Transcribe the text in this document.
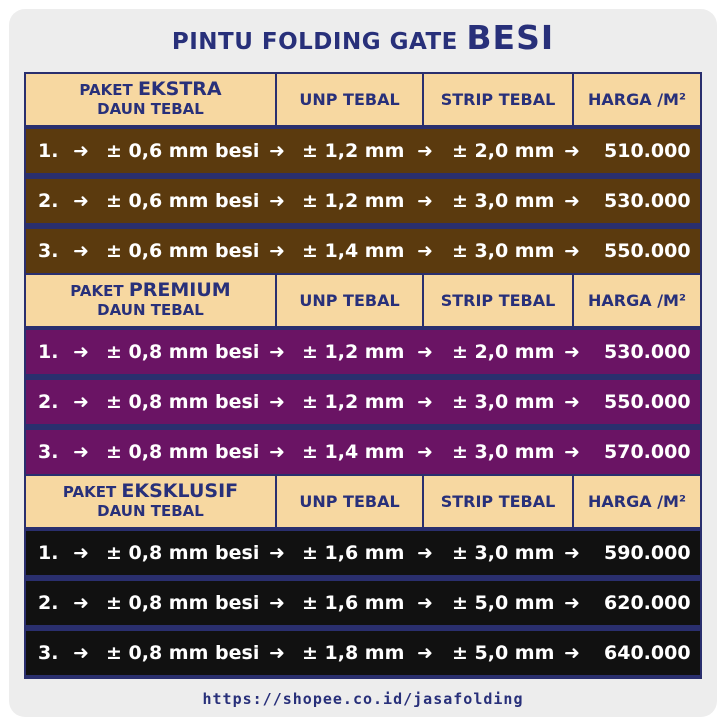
PINTU FOLDING GATE BESI
PAKET EKSTRA
DAUN TEBAL	UNP TEBAL	STRIP TEBAL	HARGA /M²
1. ➜ ± 0,6 mm besi ➜ ± 1,2 mm ➜ ± 2,0 mm ➜ 510.000
2. ➜ ± 0,6 mm besi ➜ ± 1,2 mm ➜ ± 3,0 mm ➜ 530.000
3. ➜ ± 0,6 mm besi ➜ ± 1,4 mm ➜ ± 3,0 mm ➜ 550.000
PAKET PREMIUM
DAUN TEBAL	UNP TEBAL	STRIP TEBAL	HARGA /M²
1. ➜ ± 0,8 mm besi ➜ ± 1,2 mm ➜ ± 2,0 mm ➜ 530.000
2. ➜ ± 0,8 mm besi ➜ ± 1,2 mm ➜ ± 3,0 mm ➜ 550.000
3. ➜ ± 0,8 mm besi ➜ ± 1,4 mm ➜ ± 3,0 mm ➜ 570.000
PAKET EKSKLUSIF
DAUN TEBAL	UNP TEBAL	STRIP TEBAL	HARGA /M²
1. ➜ ± 0,8 mm besi ➜ ± 1,6 mm ➜ ± 3,0 mm ➜ 590.000
2. ➜ ± 0,8 mm besi ➜ ± 1,6 mm ➜ ± 5,0 mm ➜ 620.000
3. ➜ ± 0,8 mm besi ➜ ± 1,8 mm ➜ ± 5,0 mm ➜ 640.000
https://shopee.co.id/jasafolding
